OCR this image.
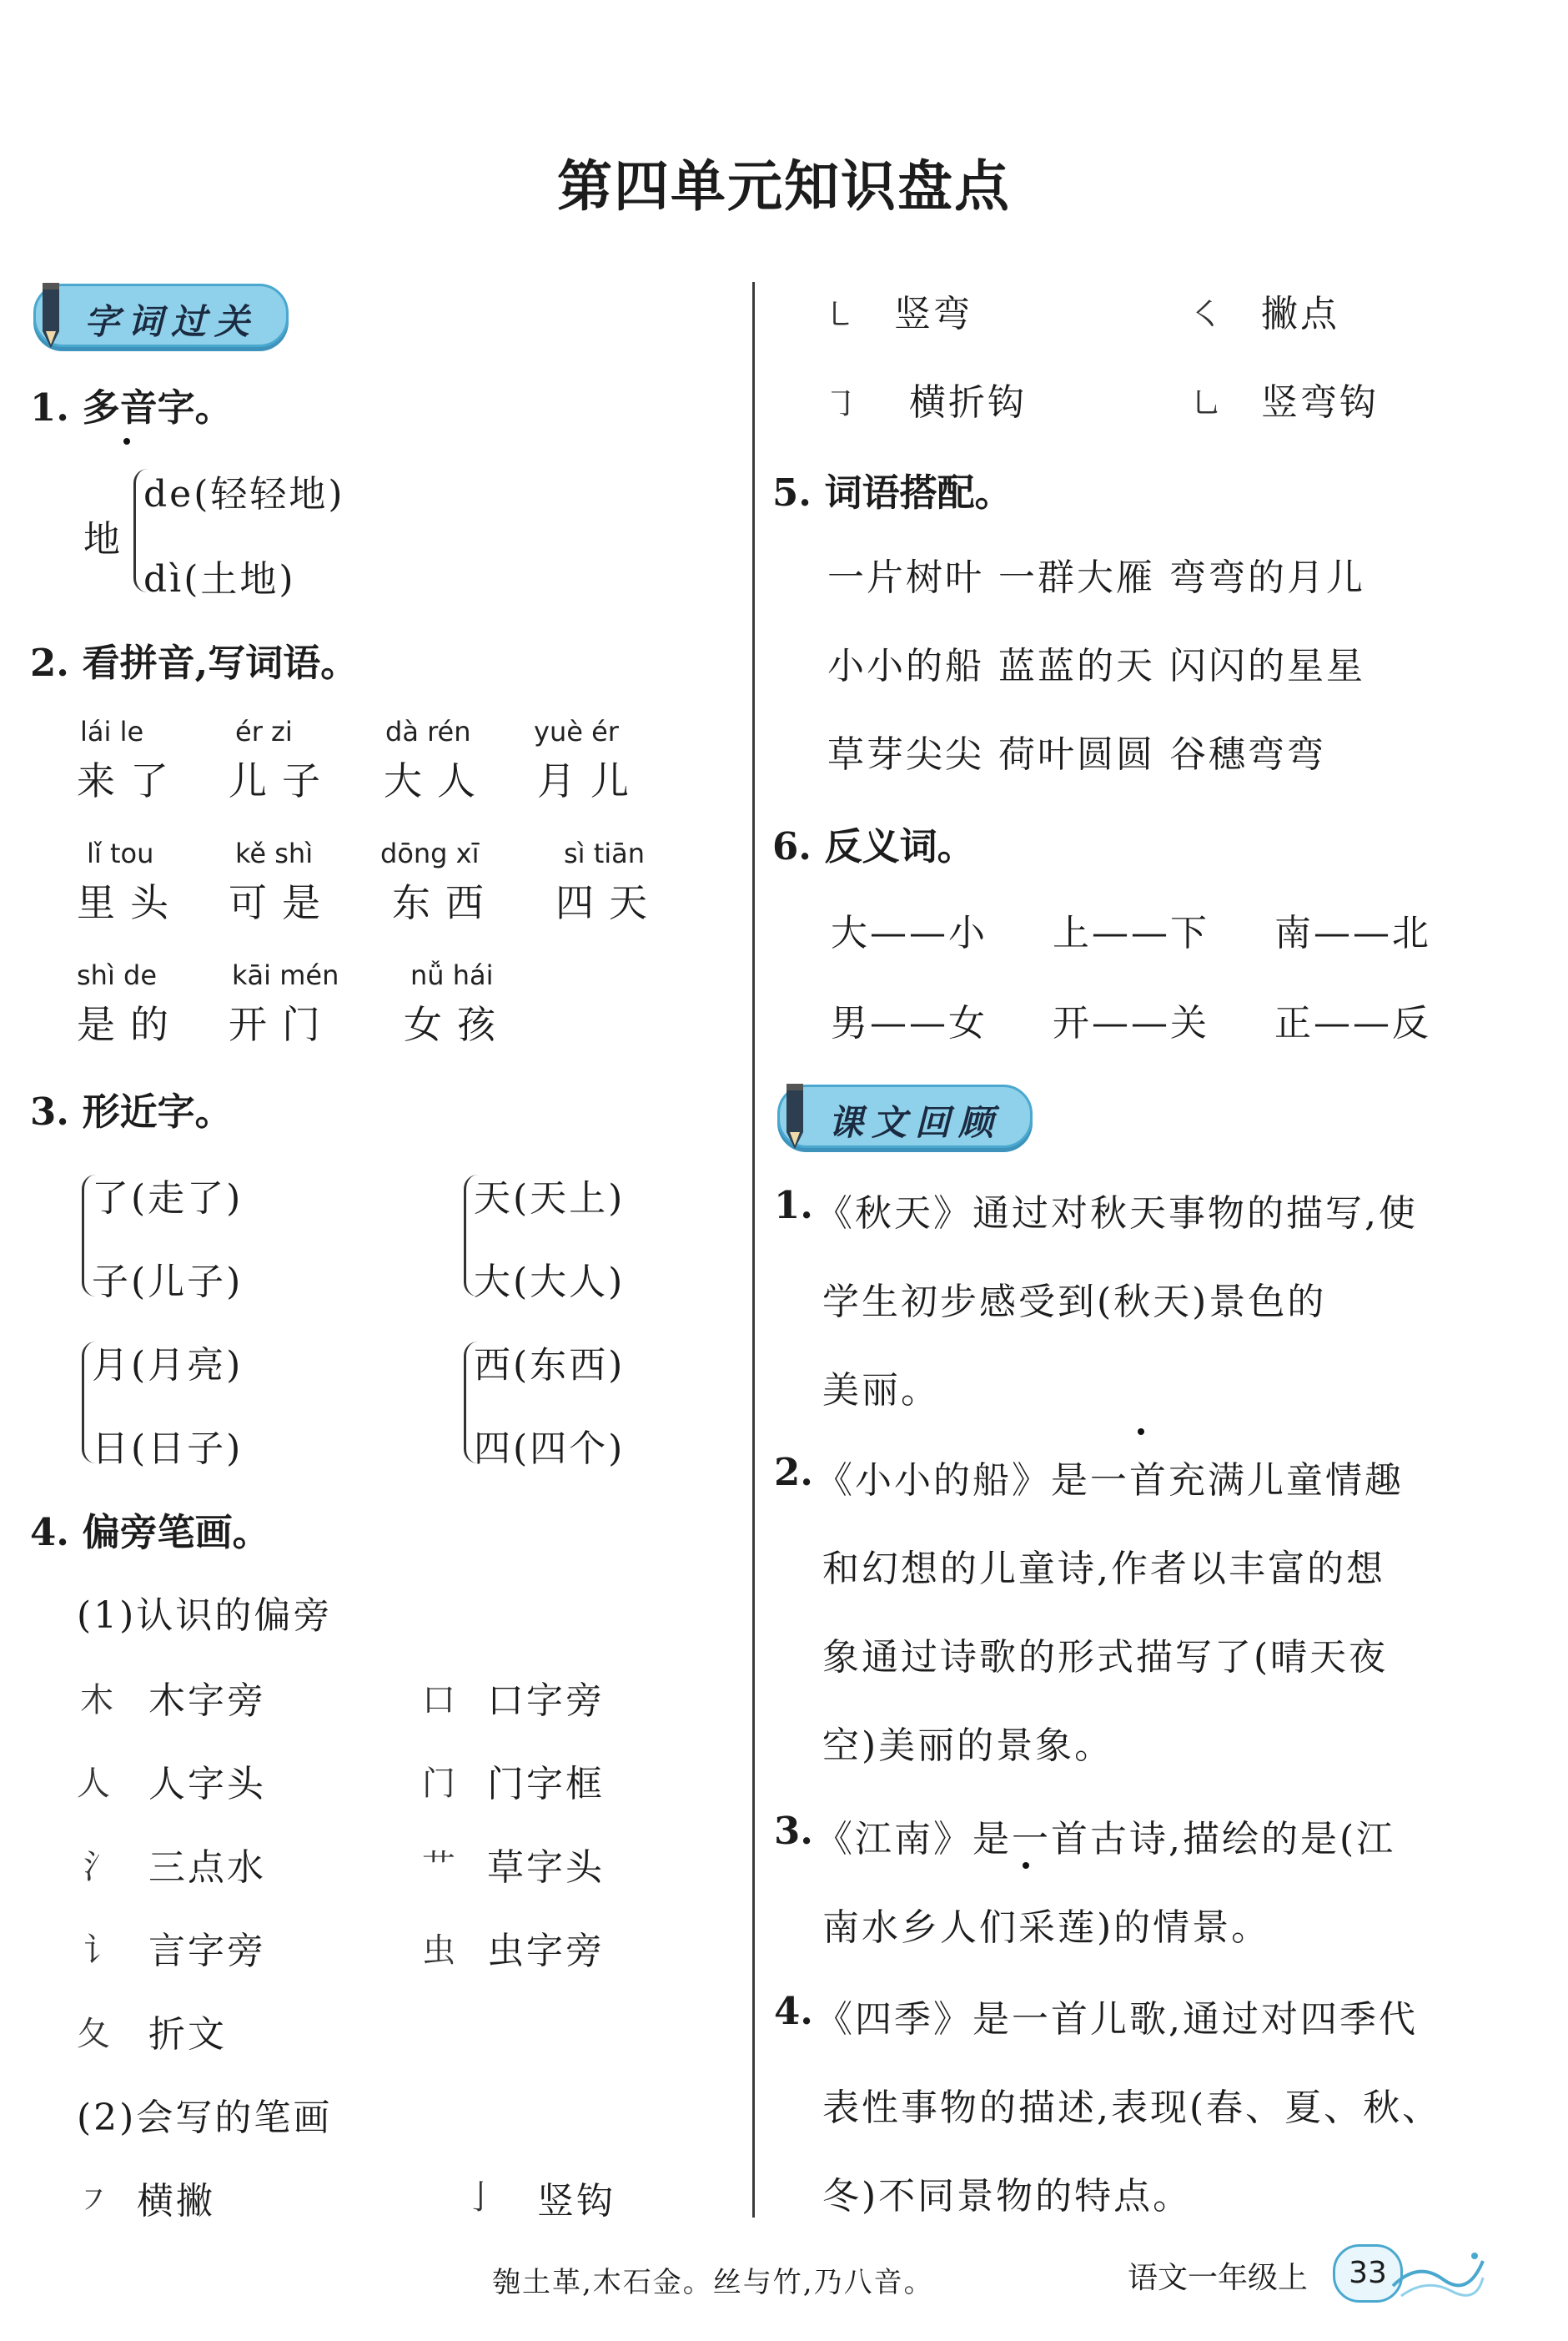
第四单元知识盘点
字词过关
1. 多音字。
地
de(轻轻地)
dì(土地)
2. 看拼音,写词语。
lái le
来了
ér zi
儿子
dà rén
大人
yuè ér
月儿
lǐ tou
里头
kě shì
可是
dōng xī
东西
sì tiān
四天
shì de
是的
kāi mén
开门
nǚ hái
女孩
3. 形近字。
了(走了)
子(儿子)
天(天上)
大(大人)
月(月亮)
日(日子)
西(东西)
四(四个)
4. 偏旁笔画。
(1)认识的偏旁
木 木字旁	口 口字旁
人 人字头	门 门字框
氵 三点水	艹 草字头
讠 言字旁	虫 虫字旁
夂 折文
(2)会写的笔画
㇇ 横撇	亅 竖钩
㇄ 竖弯	㇛ 撇点
㇆ 横折钩	㇟ 竖弯钩
5. 词语搭配。
一片树叶 一群大雁 弯弯的月儿
小小的船 蓝蓝的天 闪闪的星星
草芽尖尖 荷叶圆圆 谷穗弯弯
6. 反义词。
大——小 上——下 南——北
男——女 开——关 正——反
课文回顾
1. 《秋天》通过对秋天事物的描写,使
学生初步感受到(秋天)景色的
美丽。
2. 《小小的船》是一首充满儿童情趣
和幻想的儿童诗,作者以丰富的想
象通过诗歌的形式描写了(晴天夜
空)美丽的景象。
3. 《江南》是一首古诗,描绘的是(江
南水乡人们采莲)的情景。
4. 《四季》是一首儿歌,通过对四季代
表性事物的描述,表现(春、夏、秋、
冬)不同景物的特点。
匏土革,木石金。丝与竹,乃八音。	语文一年级上	33
